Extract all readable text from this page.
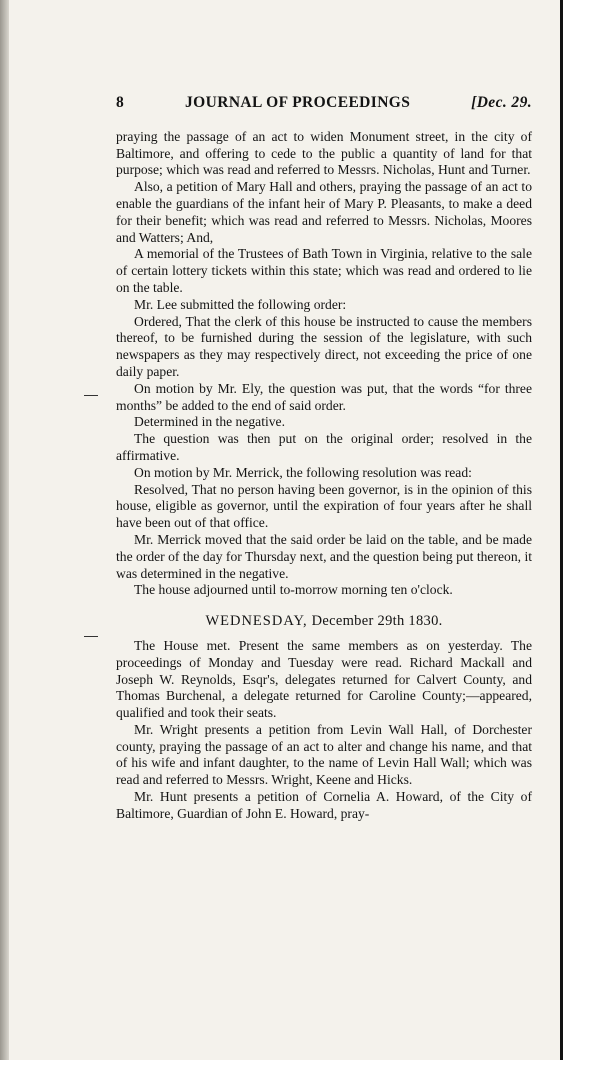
8	JOURNAL OF PROCEEDINGS	[Dec. 29.

praying the passage of an act to widen Monument street, in the city of Baltimore, and offering to cede to the public a quantity of land for that purpose; which was read and referred to Messrs. Nicholas, Hunt and Turner.

Also, a petition of Mary Hall and others, praying the passage of an act to enable the guardians of the infant heir of Mary P. Pleasants, to make a deed for their benefit; which was read and referred to Messrs. Nicholas, Moores and Watters; And,

A memorial of the Trustees of Bath Town in Virginia, relative to the sale of certain lottery tickets within this state; which was read and ordered to lie on the table.

Mr. Lee submitted the following order:

Ordered, That the clerk of this house be instructed to cause the members thereof, to be furnished during the session of the legislature, with such newspapers as they may respectively direct, not exceeding the price of one daily paper.

On motion by Mr. Ely, the question was put, that the words “for three months” be added to the end of said order.

Determined in the negative.

The question was then put on the original order; resolved in the affirmative.

On motion by Mr. Merrick, the following resolution was read:

Resolved, That no person having been governor, is in the opinion of this house, eligible as governor, until the expiration of four years after he shall have been out of that office.

Mr. Merrick moved that the said order be laid on the table, and be made the order of the day for Thursday next, and the question being put thereon, it was determined in the negative.

The house adjourned until to-morrow morning ten o'clock.

WEDNESDAY, December 29th 1830.

The House met. Present the same members as on yesterday. The proceedings of Monday and Tuesday were read. Richard Mackall and Joseph W. Reynolds, Esqr's, delegates returned for Calvert County, and Thomas Burchenal, a delegate returned for Caroline County;—appeared, qualified and took their seats.

Mr. Wright presents a petition from Levin Wall Hall, of Dorchester county, praying the passage of an act to alter and change his name, and that of his wife and infant daughter, to the name of Levin Hall Wall; which was read and referred to Messrs. Wright, Keene and Hicks.

Mr. Hunt presents a petition of Cornelia A. Howard, of the City of Baltimore, Guardian of John E. Howard, pray-
